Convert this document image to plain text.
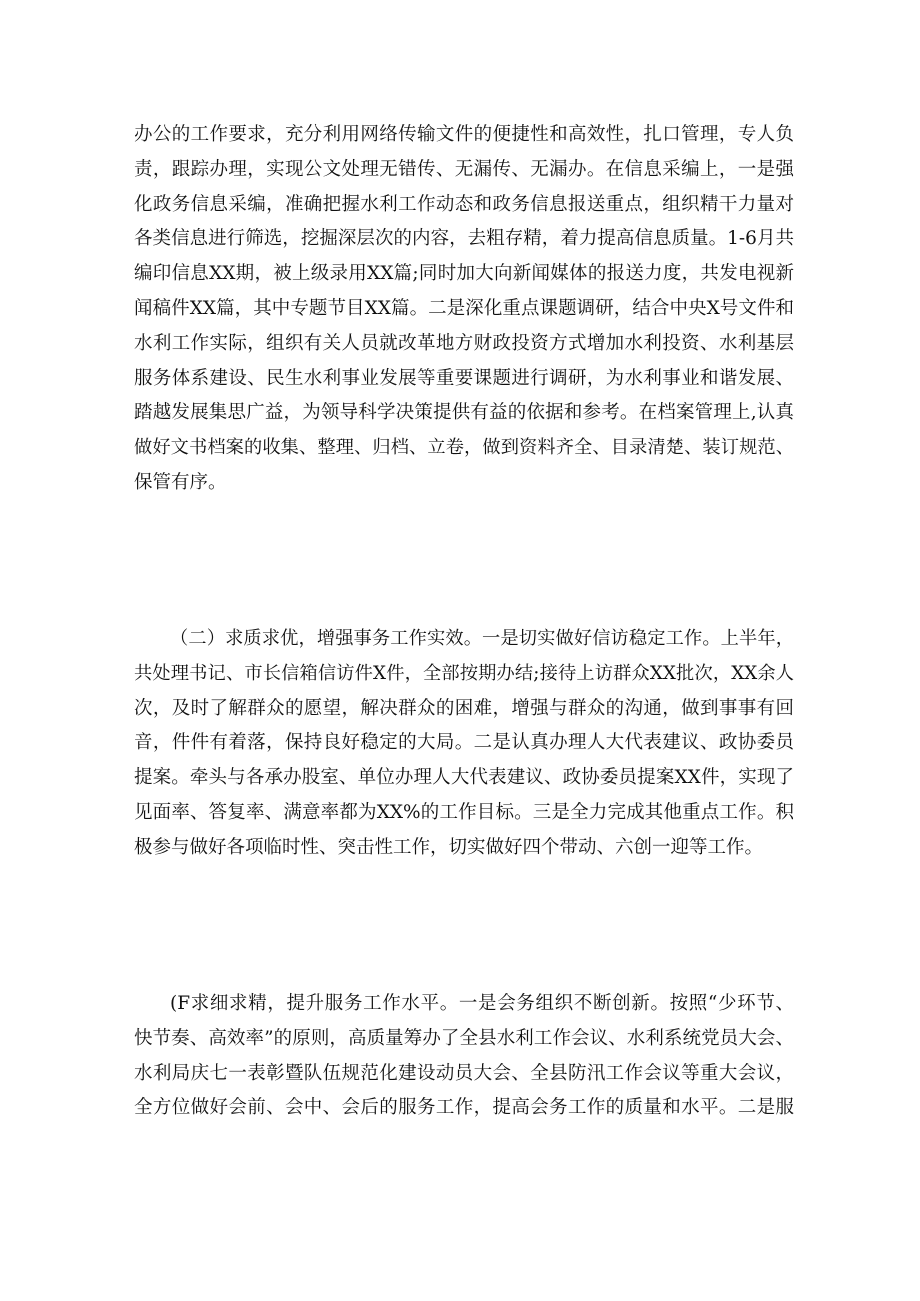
办公的工作要求，充分利用网络传输文件的便捷性和高效性，扎口管理，专人负
责，跟踪办理，实现公文处理无错传、无漏传、无漏办。在信息采编上，一是强
化政务信息采编，准确把握水利工作动态和政务信息报送重点，组织精干力量对
各类信息进行筛选，挖掘深层次的内容，去粗存精，着力提高信息质量。1-6月共
编印信息XX期，被上级录用XX篇;同时加大向新闻媒体的报送力度，共发电视新
闻稿件XX篇，其中专题节目XX篇。二是深化重点课题调研，结合中央X号文件和
水利工作实际，组织有关人员就改革地方财政投资方式增加水利投资、水利基层
服务体系建设、民生水利事业发展等重要课题进行调研，为水利事业和谐发展、
踏越发展集思广益，为领导科学决策提供有益的依据和参考。在档案管理上,认真
做好文书档案的收集、整理、归档、立卷，做到资料齐全、目录清楚、装订规范、
保管有序。
（二）求质求优，增强事务工作实效。一是切实做好信访稳定工作。上半年，
共处理书记、市长信箱信访件X件，全部按期办结;接待上访群众XX批次，XX余人
次，及时了解群众的愿望，解决群众的困难，增强与群众的沟通，做到事事有回
音，件件有着落，保持良好稳定的大局。二是认真办理人大代表建议、政协委员
提案。牵头与各承办股室、单位办理人大代表建议、政协委员提案XX件，实现了
见面率、答复率、满意率都为XX%的工作目标。三是全力完成其他重点工作。积
极参与做好各项临时性、突击性工作，切实做好四个带动、六创一迎等工作。
(F求细求精，提升服务工作水平。一是会务组织不断创新。按照“少环节、
快节奏、高效率”的原则，高质量筹办了全县水利工作会议、水利系统党员大会、
水利局庆七一表彰暨队伍规范化建设动员大会、全县防汛工作会议等重大会议，
全方位做好会前、会中、会后的服务工作，提高会务工作的质量和水平。二是服
